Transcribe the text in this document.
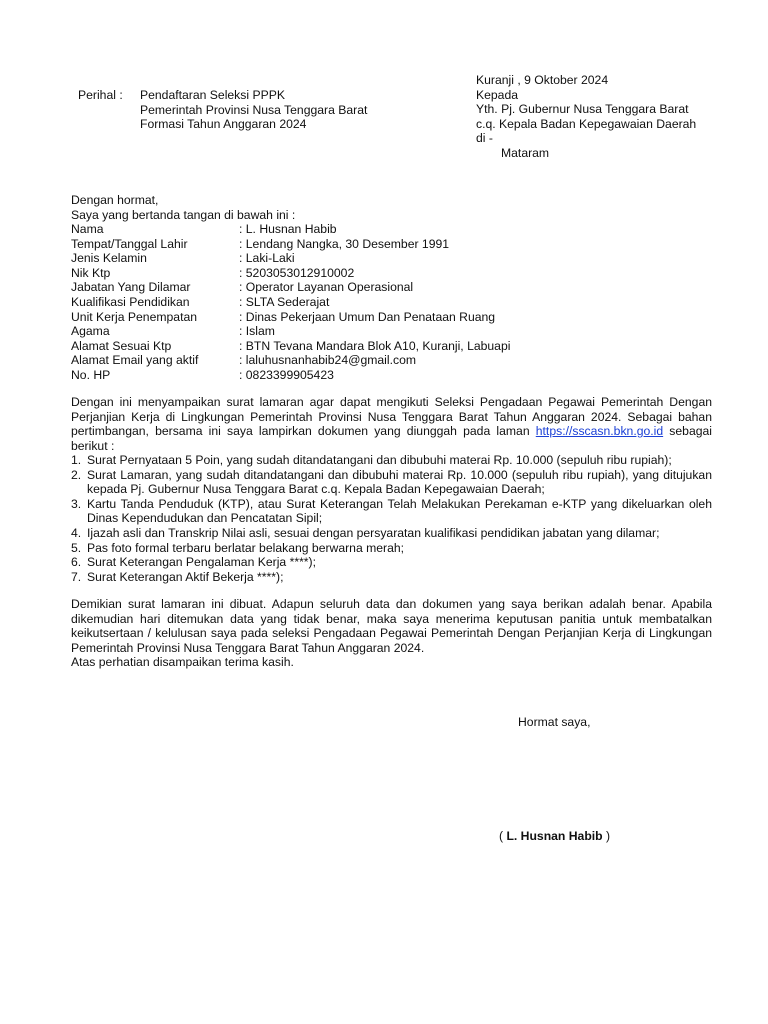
Perihal : Pendaftaran Seleksi PPPK
Pemerintah Provinsi Nusa Tenggara Barat
Formasi Tahun Anggaran 2024
Kuranji , 9 Oktober 2024
Kepada
Yth. Pj. Gubernur Nusa Tenggara Barat
c.q. Kepala Badan Kepegawaian Daerah
di -
Mataram
Dengan hormat,
Saya yang bertanda tangan di bawah ini :
Nama	: L. Husnan Habib
Tempat/Tanggal Lahir	: Lendang Nangka, 30 Desember 1991
Jenis Kelamin	: Laki-Laki
Nik Ktp	: 5203053012910002
Jabatan Yang Dilamar	: Operator Layanan Operasional
Kualifikasi Pendidikan	: SLTA Sederajat
Unit Kerja Penempatan	: Dinas Pekerjaan Umum Dan Penataan Ruang
Agama	: Islam
Alamat Sesuai Ktp	: BTN Tevana Mandara Blok A10, Kuranji, Labuapi
Alamat Email yang aktif	: laluhusnanhabib24@gmail.com
No. HP	: 0823399905423
Dengan ini menyampaikan surat lamaran agar dapat mengikuti Seleksi Pengadaan Pegawai Pemerintah Dengan Perjanjian Kerja di Lingkungan Pemerintah Provinsi Nusa Tenggara Barat Tahun Anggaran 2024. Sebagai bahan pertimbangan, bersama ini saya lampirkan dokumen yang diunggah pada laman https://sscasn.bkn.go.id sebagai berikut :
1. Surat Pernyataan 5 Poin, yang sudah ditandatangani dan dibubuhi materai Rp. 10.000 (sepuluh ribu rupiah);
2. Surat Lamaran, yang sudah ditandatangani dan dibubuhi materai Rp. 10.000 (sepuluh ribu rupiah), yang ditujukan kepada Pj. Gubernur Nusa Tenggara Barat c.q. Kepala Badan Kepegawaian Daerah;
3. Kartu Tanda Penduduk (KTP), atau Surat Keterangan Telah Melakukan Perekaman e-KTP yang dikeluarkan oleh Dinas Kependudukan dan Pencatatan Sipil;
4. Ijazah asli dan Transkrip Nilai asli, sesuai dengan persyaratan kualifikasi pendidikan jabatan yang dilamar;
5. Pas foto formal terbaru berlatar belakang berwarna merah;
6. Surat Keterangan Pengalaman Kerja ****);
7. Surat Keterangan Aktif Bekerja ****);
Demikian surat lamaran ini dibuat. Adapun seluruh data dan dokumen yang saya berikan adalah benar. Apabila dikemudian hari ditemukan data yang tidak benar, maka saya menerima keputusan panitia untuk membatalkan keikutsertaan / kelulusan saya pada seleksi Pengadaan Pegawai Pemerintah Dengan Perjanjian Kerja di Lingkungan Pemerintah Provinsi Nusa Tenggara Barat Tahun Anggaran 2024.
Atas perhatian disampaikan terima kasih.
Hormat saya,
( L. Husnan Habib )
